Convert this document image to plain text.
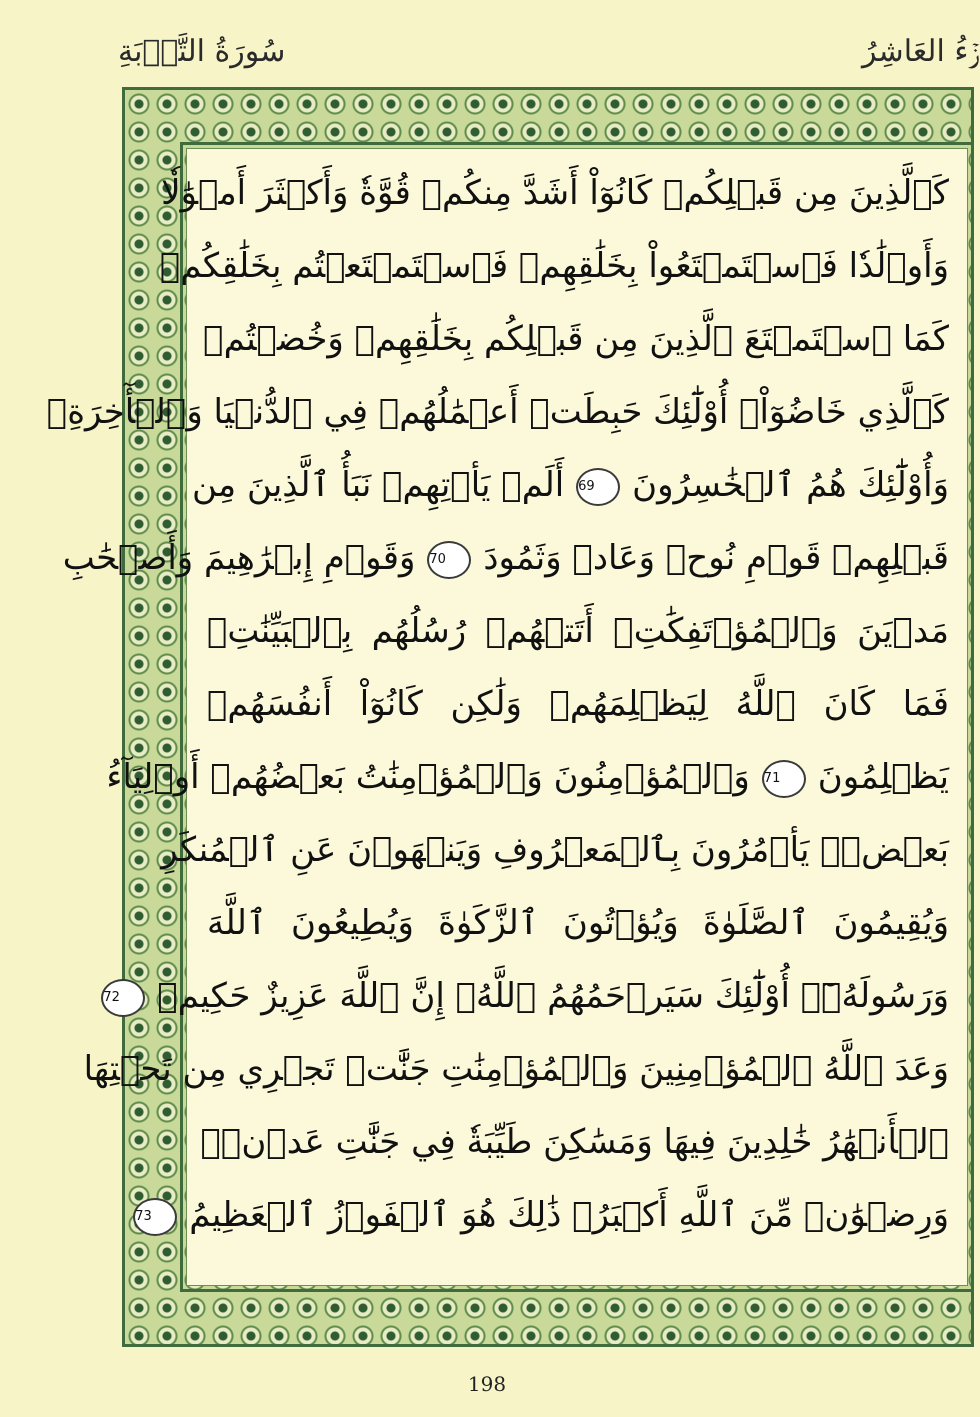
سُورَةُ التَّوۡبَةِ	ۚزۡءُ العَاشِرُ
كَٱلَّذِينَ مِن قَبۡلِكُمۡ كَانُوٓاْ أَشَدَّ مِنكُمۡ قُوَّةٗ وَأَكۡثَرَ أَمۡوَٰلٗا
وَأَوۡلَٰدٗا فَٱسۡتَمۡتَعُواْ بِخَلَٰقِهِمۡ فَٱسۡتَمۡتَعۡتُم بِخَلَٰقِكُمۡ
كَمَا ٱسۡتَمۡتَعَ ٱلَّذِينَ مِن قَبۡلِكُم بِخَلَٰقِهِمۡ وَخُضۡتُمۡ
كَٱلَّذِي خَاضُوٓاْۚ أُوْلَٰٓئِكَ حَبِطَتۡ أَعۡمَٰلُهُمۡ فِي ٱلدُّنۡيَا وَٱلۡأٓخِرَةِۖ
وَأُوْلَٰٓئِكَ هُمُ ٱلۡخَٰسِرُونَ69أَلَمۡ يَأۡتِهِمۡ نَبَأُ ٱلَّذِينَ مِن
قَبۡلِهِمۡ قَوۡمِ نُوحٖ وَعَادٖ وَثَمُودَ70وَقَوۡمِ إِبۡرَٰهِيمَ وَأَصۡحَٰبِ
مَدۡيَنَ وَٱلۡمُؤۡتَفِكَٰتِۚ أَتَتۡهُمۡ رُسُلُهُم بِٱلۡبَيِّنَٰتِۖ
فَمَا كَانَ ٱللَّهُ لِيَظۡلِمَهُمۡ وَلَٰكِن كَانُوٓاْ أَنفُسَهُمۡ
يَظۡلِمُونَ71وَٱلۡمُؤۡمِنُونَ وَٱلۡمُؤۡمِنَٰتُ بَعۡضُهُمۡ أَوۡلِيَآءُ
بَعۡضٖۚ يَأۡمُرُونَ بِٱلۡمَعۡرُوفِ وَيَنۡهَوۡنَ عَنِ ٱلۡمُنكَرِ
وَيُقِيمُونَ ٱلصَّلَوٰةَ وَيُؤۡتُونَ ٱلزَّكَوٰةَ وَيُطِيعُونَ ٱللَّهَ
وَرَسُولَهُۥٓۚ أُوْلَٰٓئِكَ سَيَرۡحَمُهُمُ ٱللَّهُۗ إِنَّ ٱللَّهَ عَزِيزٌ حَكِيمٞ72
وَعَدَ ٱللَّهُ ٱلۡمُؤۡمِنِينَ وَٱلۡمُؤۡمِنَٰتِ جَنَّٰتٖ تَجۡرِي مِن تَحۡتِهَا
ٱلۡأَنۡهَٰرُ خَٰلِدِينَ فِيهَا وَمَسَٰكِنَ طَيِّبَةٗ فِي جَنَّٰتِ عَدۡنٖۚ
وَرِضۡوَٰنٞ مِّنَ ٱللَّهِ أَكۡبَرُۚ ذَٰلِكَ هُوَ ٱلۡفَوۡزُ ٱلۡعَظِيمُ73
198
